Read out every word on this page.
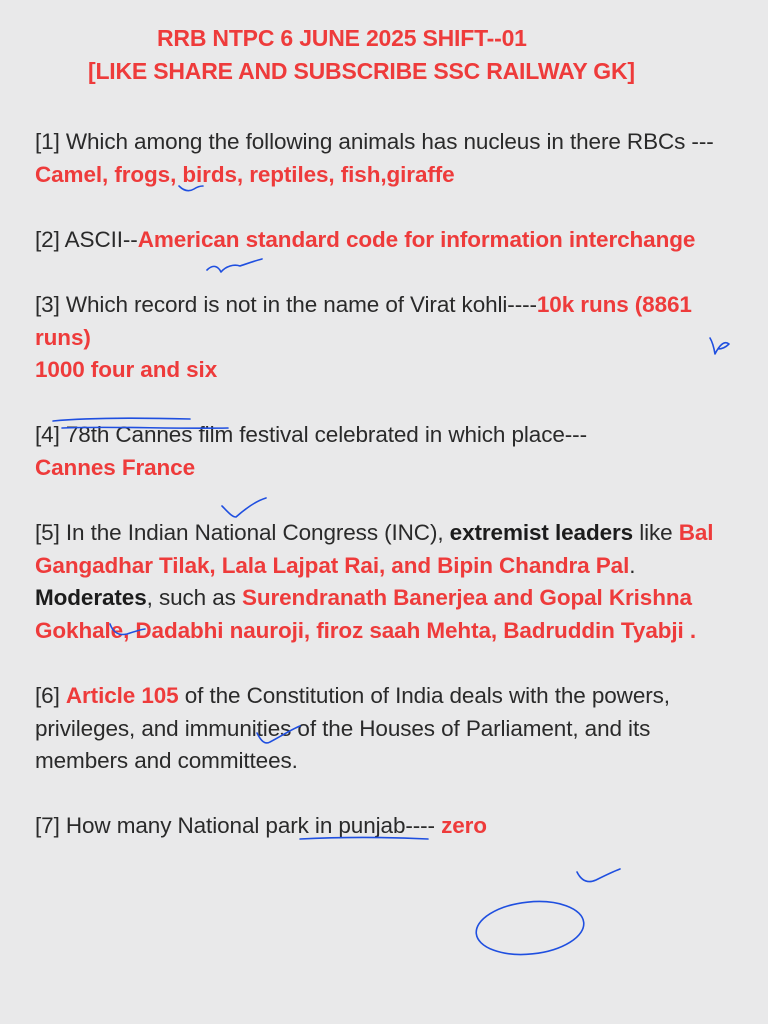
RRB NTPC 6 JUNE 2025 SHIFT--01
[LIKE SHARE AND SUBSCRIBE SSC RAILWAY GK]
[1] Which among the following animals has nucleus in there RBCs --- Camel, frogs, birds, reptiles, fish,giraffe
[2] ASCII--American standard code for information interchange
[3] Which record is not in the name of Virat kohli----10k runs (8861 runs)
1000 four and six
[4] 78th Cannes film festival celebrated in which place---
Cannes France
[5] In the Indian National Congress (INC), extremist leaders like Bal Gangadhar Tilak, Lala Lajpat Rai, and Bipin Chandra Pal.
Moderates, such as Surendranath Banerjea and Gopal Krishna Gokhale, Dadabhi nauroji, firoz saah Mehta, Badruddin Tyabji .
[6] Article 105 of the Constitution of India deals with the powers, privileges, and immunities of the Houses of Parliament, and its members and committees.
[7] How many National park in punjab---- zero
